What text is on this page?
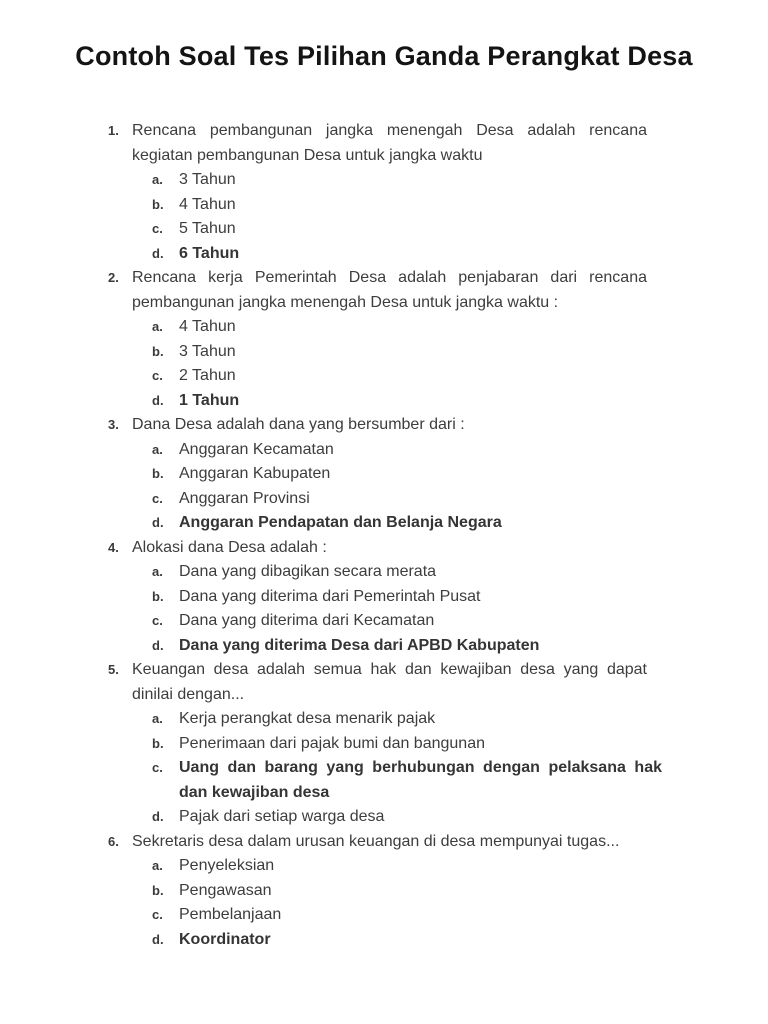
Contoh Soal Tes Pilihan Ganda Perangkat Desa
1. Rencana pembangunan jangka menengah Desa adalah rencana kegiatan pembangunan Desa untuk jangka waktu
a.	3 Tahun
b. 4 Tahun
c.	5 Tahun
d. 6 Tahun
2. Rencana kerja Pemerintah Desa adalah penjabaran dari rencana pembangunan jangka menengah Desa untuk jangka waktu :
a.	4 Tahun
b. 3 Tahun
c.	2 Tahun
d. 1 Tahun
3. Dana Desa adalah dana yang bersumber dari :
a.	Anggaran Kecamatan
b. Anggaran Kabupaten
c.	Anggaran Provinsi
d. Anggaran Pendapatan dan Belanja Negara
4. Alokasi dana Desa adalah :
a.	Dana yang dibagikan secara merata
b. Dana yang diterima dari Pemerintah Pusat
c.	Dana yang diterima dari Kecamatan
d. Dana yang diterima Desa dari APBD Kabupaten
5. Keuangan desa adalah semua hak dan kewajiban desa yang dapat dinilai dengan...
a.	Kerja perangkat desa menarik pajak
b. Penerimaan dari pajak bumi dan bangunan
c.	Uang dan barang yang berhubungan dengan pelaksana hak dan kewajiban desa
d. Pajak dari setiap warga desa
6. Sekretaris desa dalam urusan keuangan di desa mempunyai tugas...
a.	Penyeleksian
b. Pengawasan
c.	Pembelanjaan
d. Koordinator
